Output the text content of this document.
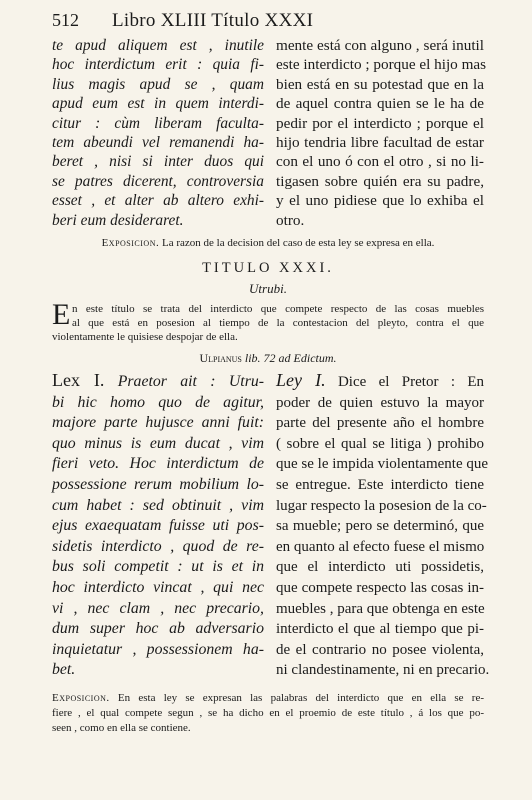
512	Libro XLIII Título XXXI
te apud aliquem est , inutile
hoc interdictum erit : quia fi-
lius magis apud se , quam
apud eum est in quem interdi-
citur : cùm liberam facultа-
tem abeundi vel remanendi ha-
beret , nisi si inter duos qui
se patres dicerent, controversia
esset , et alter ab altero exhi-
beri eum desideraret.
mente está con alguno , será inutil
este interdicto ; porque el hijo mas
bien está en su potestad que en la
de aquel contra quien se le ha de
pedir por el interdicto ; porque el
hijo tendria libre facultad de estar
con el uno ó con el otro , si no li-
tigasen sobre quién era su padre,
y el uno pidiese que lo exhiba el
otro.
Exposicion. La razon de la decision del caso de esta ley se expresa en ella.
TITULO XXXI.
Utrubi.
E n este título se trata del interdicto que compete respecto de las cosas muebles
al que está en posesion al tiempo de la contestacion del pleyto, contra el que
violentamente le quisiese despojar de ella.
Ulpianus lib. 72 ad Edictum.
Lex I. Praetor ait : Utru-
bi hic homo quo de agitur,
majore parte hujusce anni fuit:
quo minus is eum ducat , vim
fieri veto. Hoc interdictum de
possessione rerum mobilium lo-
cum habet : sed obtinuit , vim
ejus exaequatam fuisse uti pos-
sidetis interdicto , quod de re-
bus soli competit : ut is et in
hoc interdicto vincat , qui nec
vi , nec clam , nec precario,
dum super hoc ab adversario
inquietatur , possessionem ha-
bet.
Ley I. Dice el Pretor : En
poder de quien estuvo la mayor
parte del presente año el hombre
( sobre el qual se litiga ) prohibo
que se le impida violentamente que
se entregue. Este interdicto tiene
lugar respecto la posesion de la co-
sa mueble; pero se determinó, que
en quanto al efecto fuese el mismo
que el interdicto uti possidetis,
que compete respecto las cosas in-
muebles , para que obtenga en este
interdicto el que al tiempo que pi-
de el contrario no posee violenta,
ni clandestinamente, ni en precario.
Exposicion. En esta ley se expresan las palabras del interdicto que en ella se re-
fiere , el qual compete segun , se ha dicho en el proemio de este título , á los que po-
seen , como en ella se contiene.
